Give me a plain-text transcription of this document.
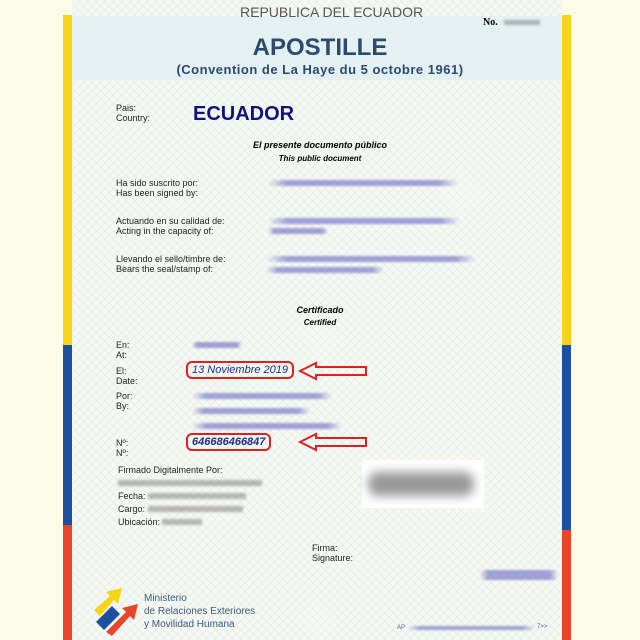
REPUBLICA DEL ECUADOR
No.
APOSTILLE
(Convention de La Haye du 5 octobre 1961)
Pais:
Country: ECUADOR
El presente documento público
This public document
Ha sido suscrito por:
Has been signed by:
Actuando en su calidad de:
Acting in the capacity of:
Llevando el sello/timbre de:
Bears the seal/stamp of:
Certificado
Certified
En:
At:
El:
Date:
13 Noviembre 2019
Por:
By:
Nº:
Nº:
646686466847
Firmado Digitalmente Por:
Fecha:
Cargo:
Ubicación:
Firma:
Signature:
Ministerio
de Relaciones Exteriores
y Movilidad Humana	AP	7>>
